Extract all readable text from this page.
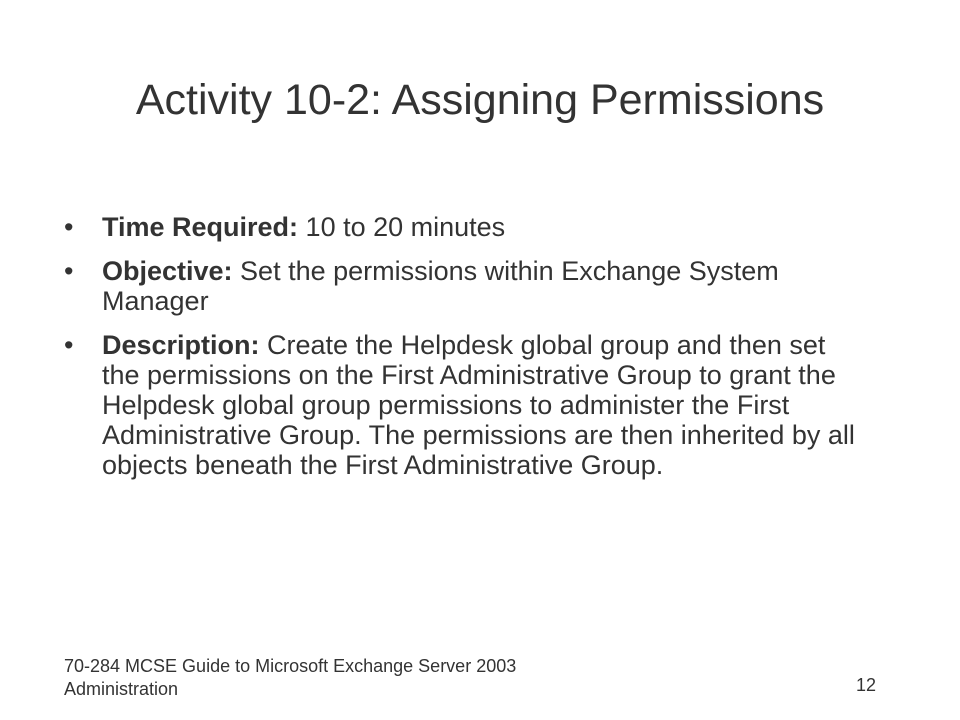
Activity 10-2: Assigning Permissions
• Time Required: 10 to 20 minutes
• Objective: Set the permissions within Exchange System Manager
• Description: Create the Helpdesk global group and then set the permissions on the First Administrative Group to grant the Helpdesk global group permissions to administer the First Administrative Group. The permissions are then inherited by all objects beneath the First Administrative Group.
70-284 MCSE Guide to Microsoft Exchange Server 2003
Administration	12
